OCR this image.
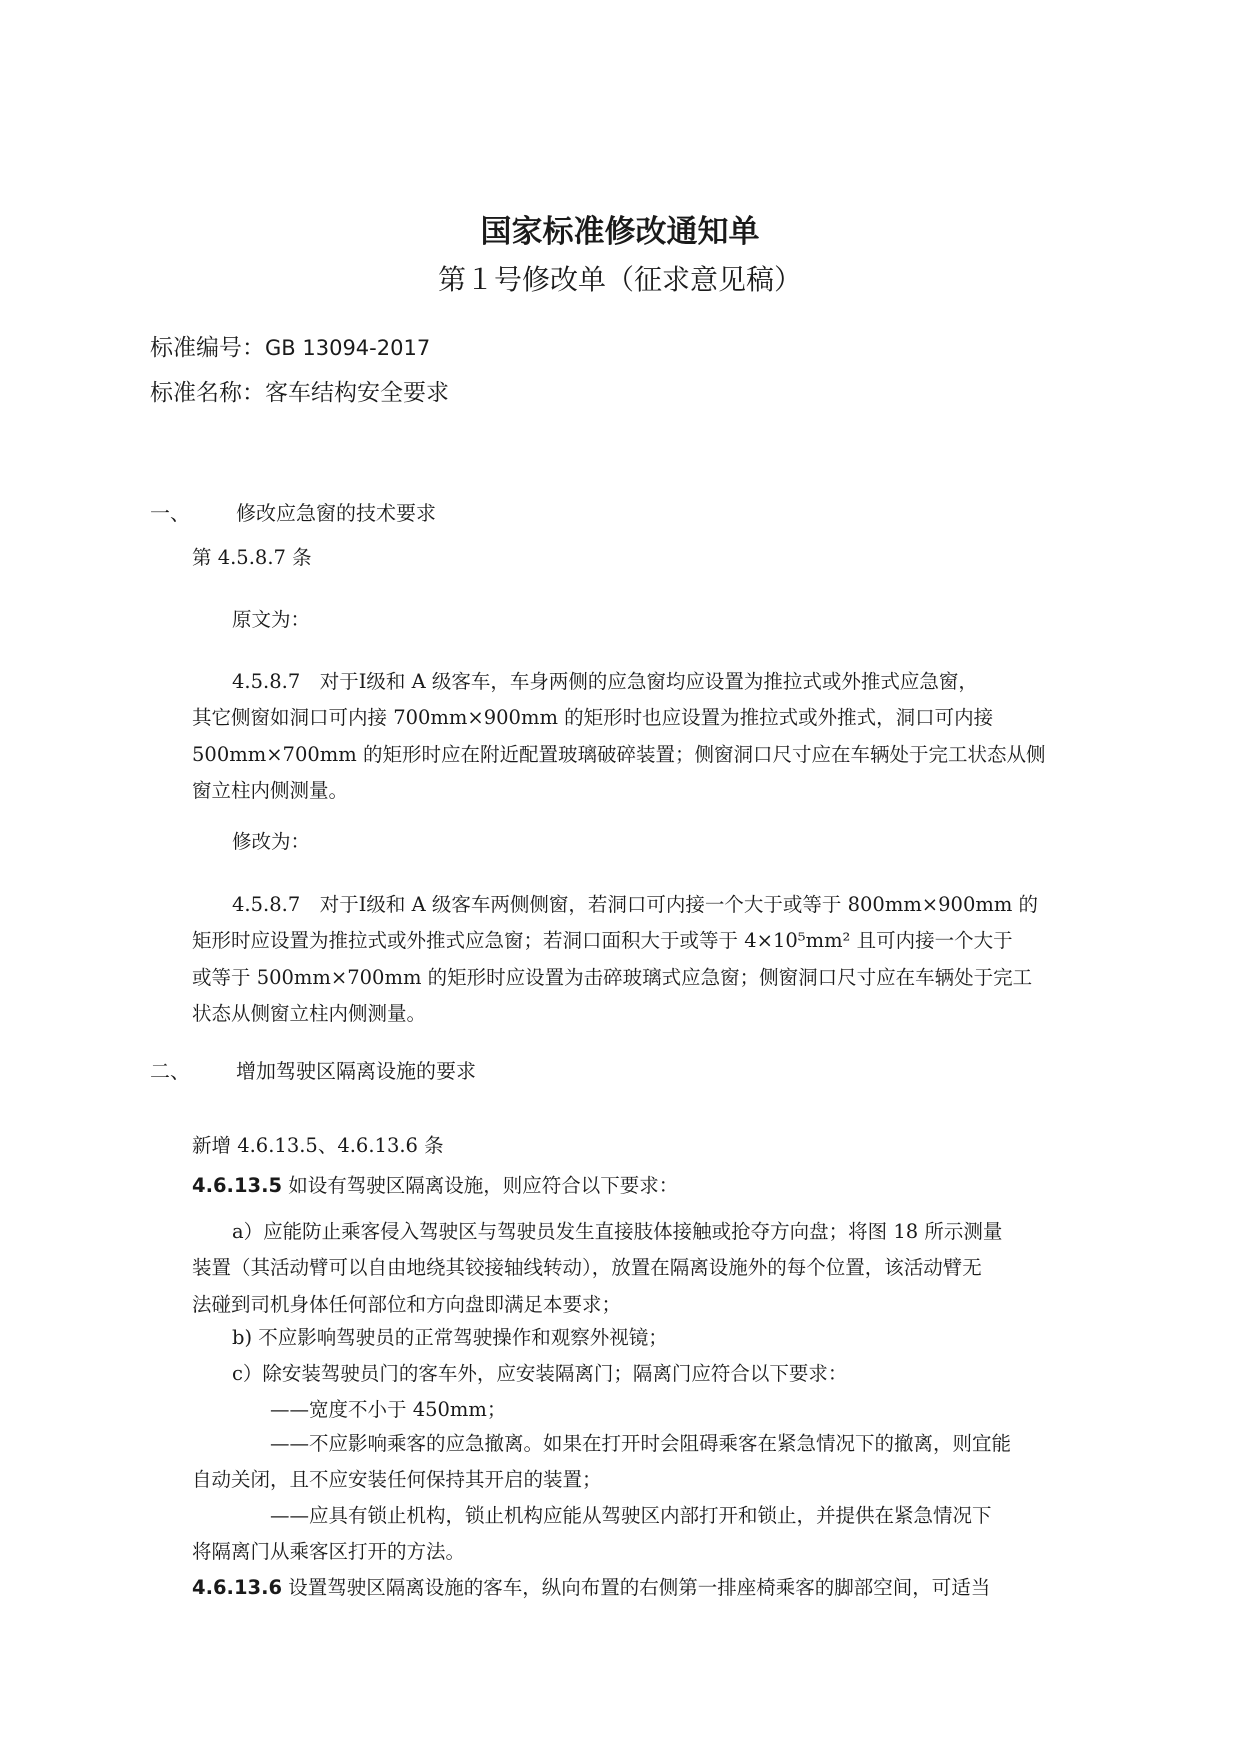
国家标准修改通知单
第１号修改单（征求意见稿）

标准编号：GB 13094-2017

标准名称：客车结构安全要求

一、 修改应急窗的技术要求

第 4.5.8.7 条

原文为：

4.5.8.7　对于Ⅰ级和 A 级客车，车身两侧的应急窗均应设置为推拉式或外推式应急窗，
其它侧窗如洞口可内接 700mm×900mm 的矩形时也应设置为推拉式或外推式，洞口可内接
500mm×700mm 的矩形时应在附近配置玻璃破碎装置；侧窗洞口尺寸应在车辆处于完工状态从侧
窗立柱内侧测量。

修改为：

4.5.8.7　对于Ⅰ级和 A 级客车两侧侧窗，若洞口可内接一个大于或等于 800mm×900mm 的
矩形时应设置为推拉式或外推式应急窗；若洞口面积大于或等于 4×10⁵mm² 且可内接一个大于
或等于 500mm×700mm 的矩形时应设置为击碎玻璃式应急窗；侧窗洞口尺寸应在车辆处于完工
状态从侧窗立柱内侧测量。

二、 增加驾驶区隔离设施的要求

新增 4.6.13.5、4.6.13.6 条

4.6.13.5 如设有驾驶区隔离设施，则应符合以下要求：

a）应能防止乘客侵入驾驶区与驾驶员发生直接肢体接触或抢夺方向盘；将图 18 所示测量
装置（其活动臂可以自由地绕其铰接轴线转动），放置在隔离设施外的每个位置，该活动臂无
法碰到司机身体任何部位和方向盘即满足本要求；

b) 不应影响驾驶员的正常驾驶操作和观察外视镜；

c）除安装驾驶员门的客车外，应安装隔离门；隔离门应符合以下要求：

——宽度不小于 450mm；

——不应影响乘客的应急撤离。如果在打开时会阻碍乘客在紧急情况下的撤离，则宜能
自动关闭，且不应安装任何保持其开启的装置；
——应具有锁止机构，锁止机构应能从驾驶区内部打开和锁止，并提供在紧急情况下
将隔离门从乘客区打开的方法。

4.6.13.6 设置驾驶区隔离设施的客车，纵向布置的右侧第一排座椅乘客的脚部空间，可适当
